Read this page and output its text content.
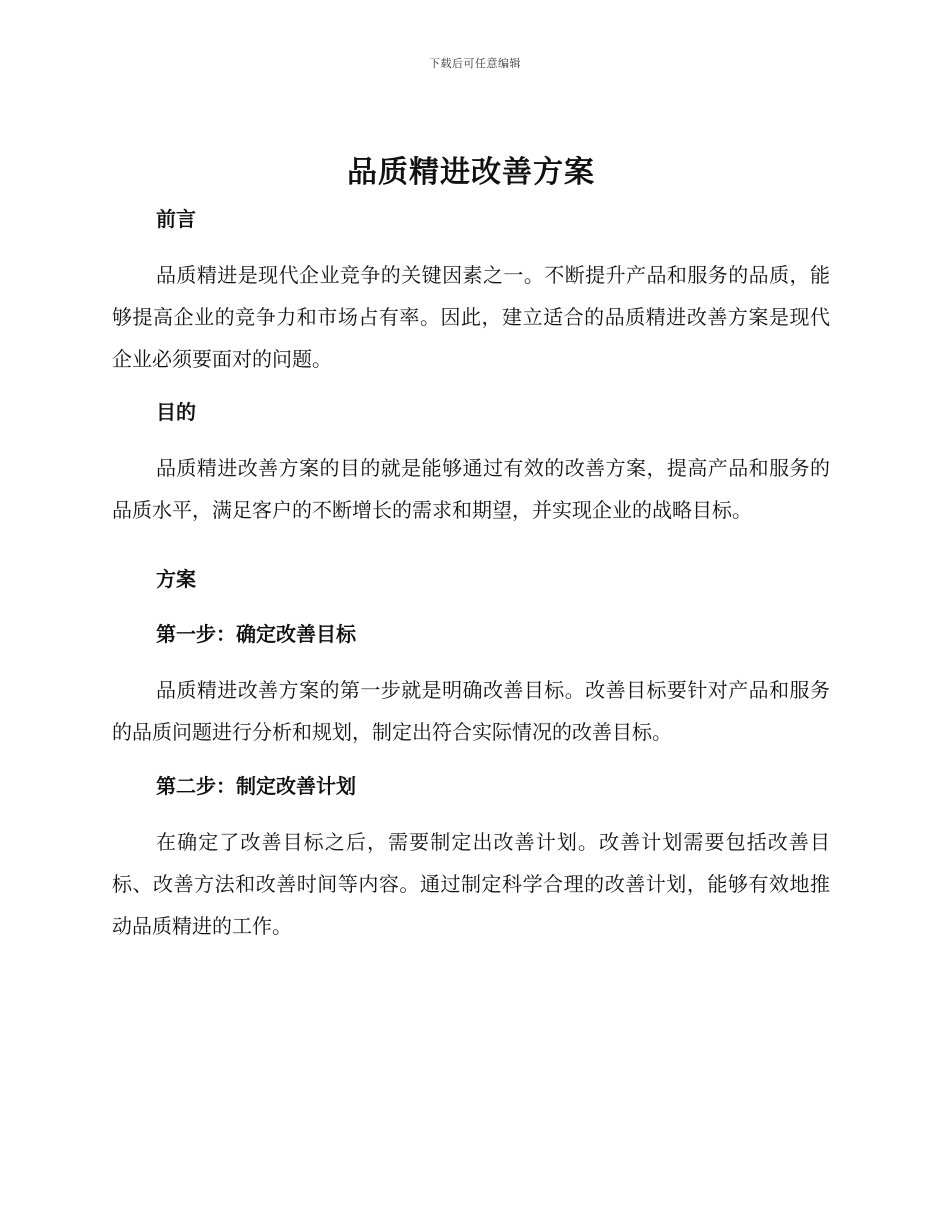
下载后可任意编辑
品质精进改善方案
前言

品质精进是现代企业竞争的关键因素之一。不断提升产品和服务的品质，能够提高企业的竞争力和市场占有率。因此，建立适合的品质精进改善方案是现代企业必须要面对的问题。

目的

品质精进改善方案的目的就是能够通过有效的改善方案，提高产品和服务的品质水平，满足客户的不断增长的需求和期望，并实现企业的战略目标。

方案
第一步：确定改善目标

品质精进改善方案的第一步就是明确改善目标。改善目标要针对产品和服务的品质问题进行分析和规划，制定出符合实际情况的改善目标。

第二步：制定改善计划

在确定了改善目标之后，需要制定出改善计划。改善计划需要包括改善目标、改善方法和改善时间等内容。通过制定科学合理的改善计划，能够有效地推动品质精进的工作。
